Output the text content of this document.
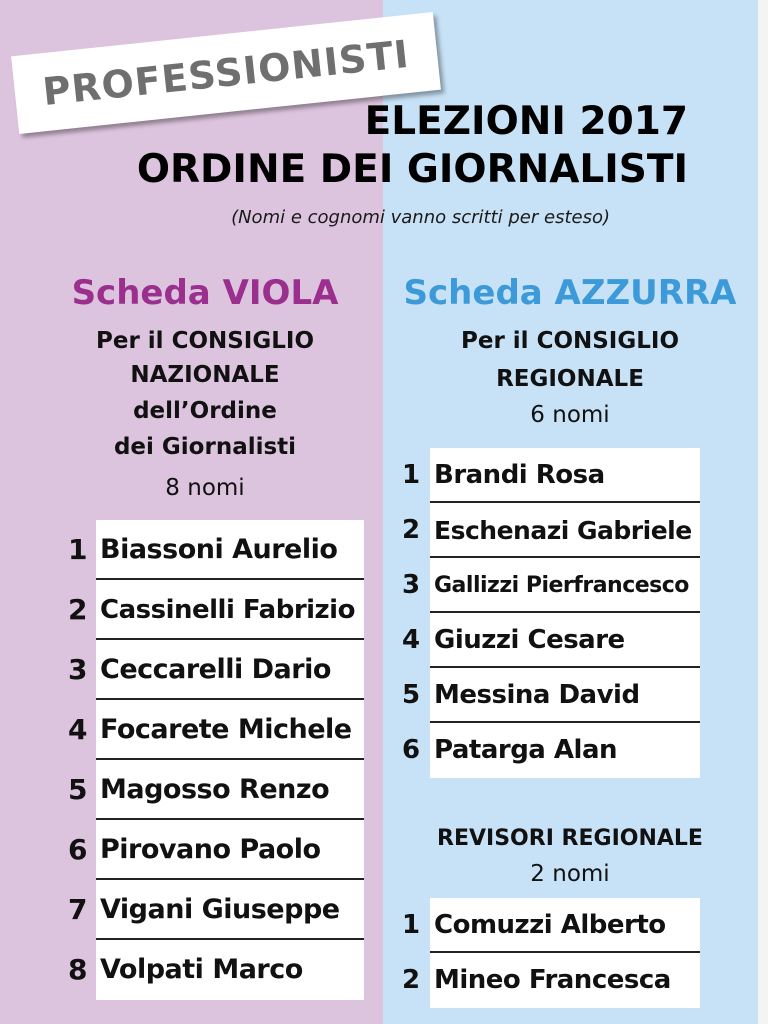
PROFESSIONISTI
ELEZIONI 2017
ORDINE DEI GIORNALISTI
(Nomi e cognomi vanno scritti per esteso)
Scheda VIOLA
Per il CONSIGLIO
NAZIONALE
dell’Ordine
dei Giornalisti
8 nomi
1 Biassoni Aurelio
2 Cassinelli Fabrizio
3 Ceccarelli Dario
4 Focarete Michele
5 Magosso Renzo
6 Pirovano Paolo
7 Vigani Giuseppe
8 Volpati Marco
Scheda AZZURRA
Per il CONSIGLIO
REGIONALE
6 nomi
1 Brandi Rosa
2 Eschenazi Gabriele
3 Gallizzi Pierfrancesco
4 Giuzzi Cesare
5 Messina David
6 Patarga Alan
REVISORI REGIONALE
2 nomi
1 Comuzzi Alberto
2 Mineo Francesca
